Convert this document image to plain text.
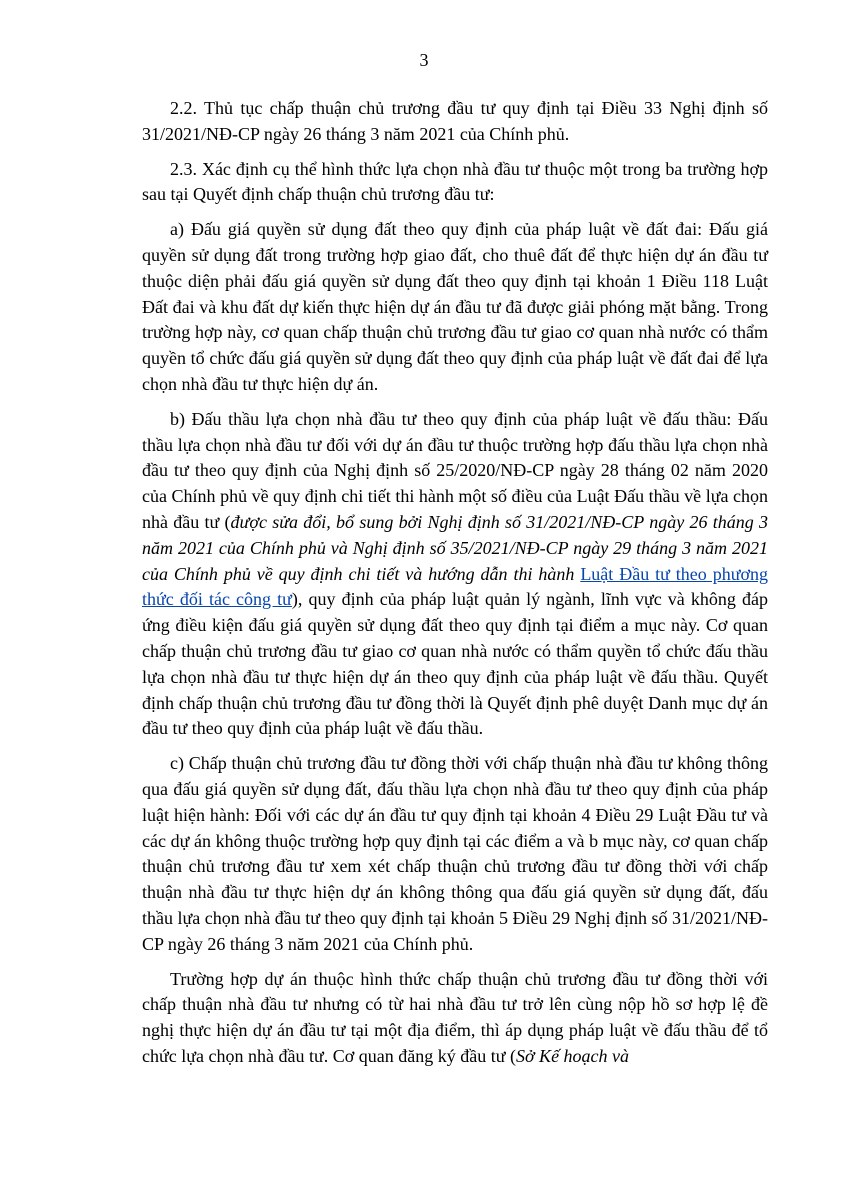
3

2.2. Thủ tục chấp thuận chủ trương đầu tư quy định tại Điều 33 Nghị định số 31/2021/NĐ-CP ngày 26 tháng 3 năm 2021 của Chính phủ.

2.3. Xác định cụ thể hình thức lựa chọn nhà đầu tư thuộc một trong ba trường hợp sau tại Quyết định chấp thuận chủ trương đầu tư:

a) Đấu giá quyền sử dụng đất theo quy định của pháp luật về đất đai: Đấu giá quyền sử dụng đất trong trường hợp giao đất, cho thuê đất để thực hiện dự án đầu tư thuộc diện phải đấu giá quyền sử dụng đất theo quy định tại khoản 1 Điều 118 Luật Đất đai và khu đất dự kiến thực hiện dự án đầu tư đã được giải phóng mặt bằng. Trong trường hợp này, cơ quan chấp thuận chủ trương đầu tư giao cơ quan nhà nước có thẩm quyền tổ chức đấu giá quyền sử dụng đất theo quy định của pháp luật về đất đai để lựa chọn nhà đầu tư thực hiện dự án.

b) Đấu thầu lựa chọn nhà đầu tư theo quy định của pháp luật về đấu thầu: Đấu thầu lựa chọn nhà đầu tư đối với dự án đầu tư thuộc trường hợp đấu thầu lựa chọn nhà đầu tư theo quy định của Nghị định số 25/2020/NĐ-CP ngày 28 tháng 02 năm 2020 của Chính phủ về quy định chi tiết thi hành một số điều của Luật Đấu thầu về lựa chọn nhà đầu tư (được sửa đổi, bổ sung bởi Nghị định số 31/2021/NĐ-CP ngày 26 tháng 3 năm 2021 của Chính phủ và Nghị định số 35/2021/NĐ-CP ngày 29 tháng 3 năm 2021 của Chính phủ về quy định chi tiết và hướng dẫn thi hành Luật Đầu tư theo phương thức đối tác công tư), quy định của pháp luật quản lý ngành, lĩnh vực và không đáp ứng điều kiện đấu giá quyền sử dụng đất theo quy định tại điểm a mục này. Cơ quan chấp thuận chủ trương đầu tư giao cơ quan nhà nước có thẩm quyền tổ chức đấu thầu lựa chọn nhà đầu tư thực hiện dự án theo quy định của pháp luật về đấu thầu. Quyết định chấp thuận chủ trương đầu tư đồng thời là Quyết định phê duyệt Danh mục dự án đầu tư theo quy định của pháp luật về đấu thầu.

c) Chấp thuận chủ trương đầu tư đồng thời với chấp thuận nhà đầu tư không thông qua đấu giá quyền sử dụng đất, đấu thầu lựa chọn nhà đầu tư theo quy định của pháp luật hiện hành: Đối với các dự án đầu tư quy định tại khoản 4 Điều 29 Luật Đầu tư và các dự án không thuộc trường hợp quy định tại các điểm a và b mục này, cơ quan chấp thuận chủ trương đầu tư xem xét chấp thuận chủ trương đầu tư đồng thời với chấp thuận nhà đầu tư thực hiện dự án không thông qua đấu giá quyền sử dụng đất, đấu thầu lựa chọn nhà đầu tư theo quy định tại khoản 5 Điều 29 Nghị định số 31/2021/NĐ-CP ngày 26 tháng 3 năm 2021 của Chính phủ.

Trường hợp dự án thuộc hình thức chấp thuận chủ trương đầu tư đồng thời với chấp thuận nhà đầu tư nhưng có từ hai nhà đầu tư trở lên cùng nộp hồ sơ hợp lệ đề nghị thực hiện dự án đầu tư tại một địa điểm, thì áp dụng pháp luật về đấu thầu để tổ chức lựa chọn nhà đầu tư. Cơ quan đăng ký đầu tư (Sở Kế hoạch và
